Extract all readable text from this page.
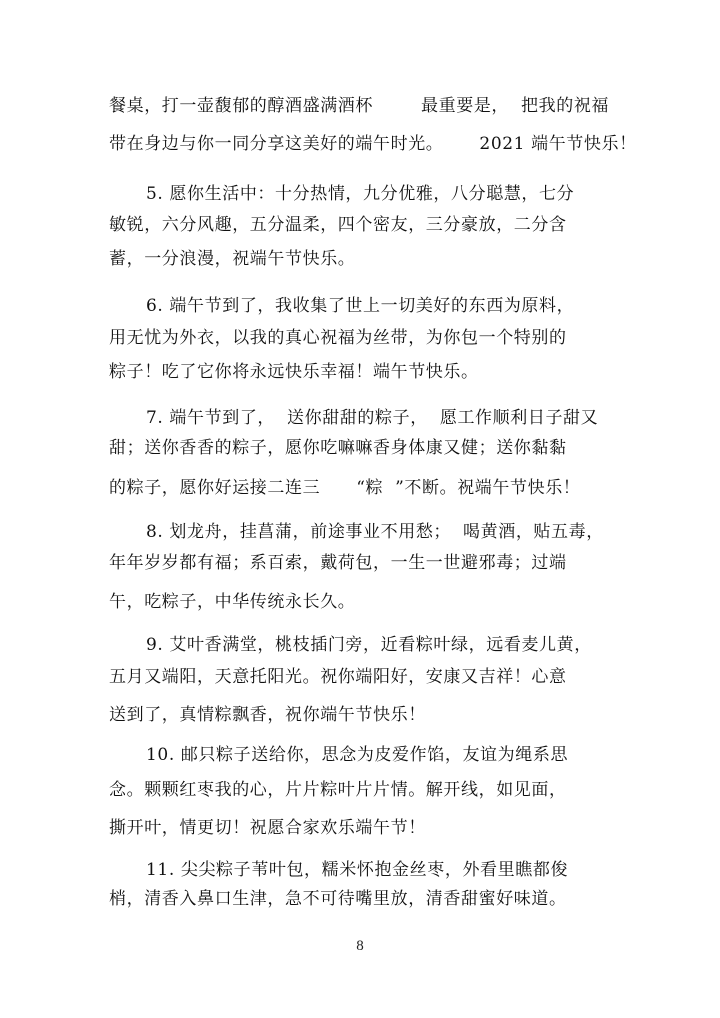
餐桌，打一壶馥郁的醇酒盛满酒杯        最重要是，  把我的祝福
带在身边与你一同分享这美好的端午时光。      2021 端午节快乐！
5. 愿你生活中：十分热情，九分优雅，八分聪慧，七分
敏锐，六分风趣，五分温柔，四个密友，三分豪放，二分含
蓄，一分浪漫，祝端午节快乐。
6. 端午节到了，我收集了世上一切美好的东西为原料，
用无忧为外衣，以我的真心祝福为丝带，为你包一个特别的
粽子！吃了它你将永远快乐幸福！端午节快乐。
7. 端午节到了，  送你甜甜的粽子，  愿工作顺利日子甜又
甜；送你香香的粽子，愿你吃嘛嘛香身体康又健；送你黏黏
的粽子，愿你好运接二连三      “粽  ”不断。祝端午节快乐！
8. 划龙舟，挂菖蒲，前途事业不用愁；  喝黄酒，贴五毒，
年年岁岁都有福；系百索，戴荷包，一生一世避邪毒；过端
午，吃粽子，中华传统永长久。
9. 艾叶香满堂，桃枝插门旁，近看粽叶绿，远看麦儿黄，
五月又端阳，天意托阳光。祝你端阳好，安康又吉祥！心意
送到了，真情粽飘香，祝你端午节快乐！
10. 邮只粽子送给你，思念为皮爱作馅，友谊为绳系思
念。颗颗红枣我的心，片片粽叶片片情。解开线，如见面，
撕开叶，情更切！祝愿合家欢乐端午节！
11. 尖尖粽子苇叶包，糯米怀抱金丝枣，外看里瞧都俊
梢，清香入鼻口生津，急不可待嘴里放，清香甜蜜好味道。
8
